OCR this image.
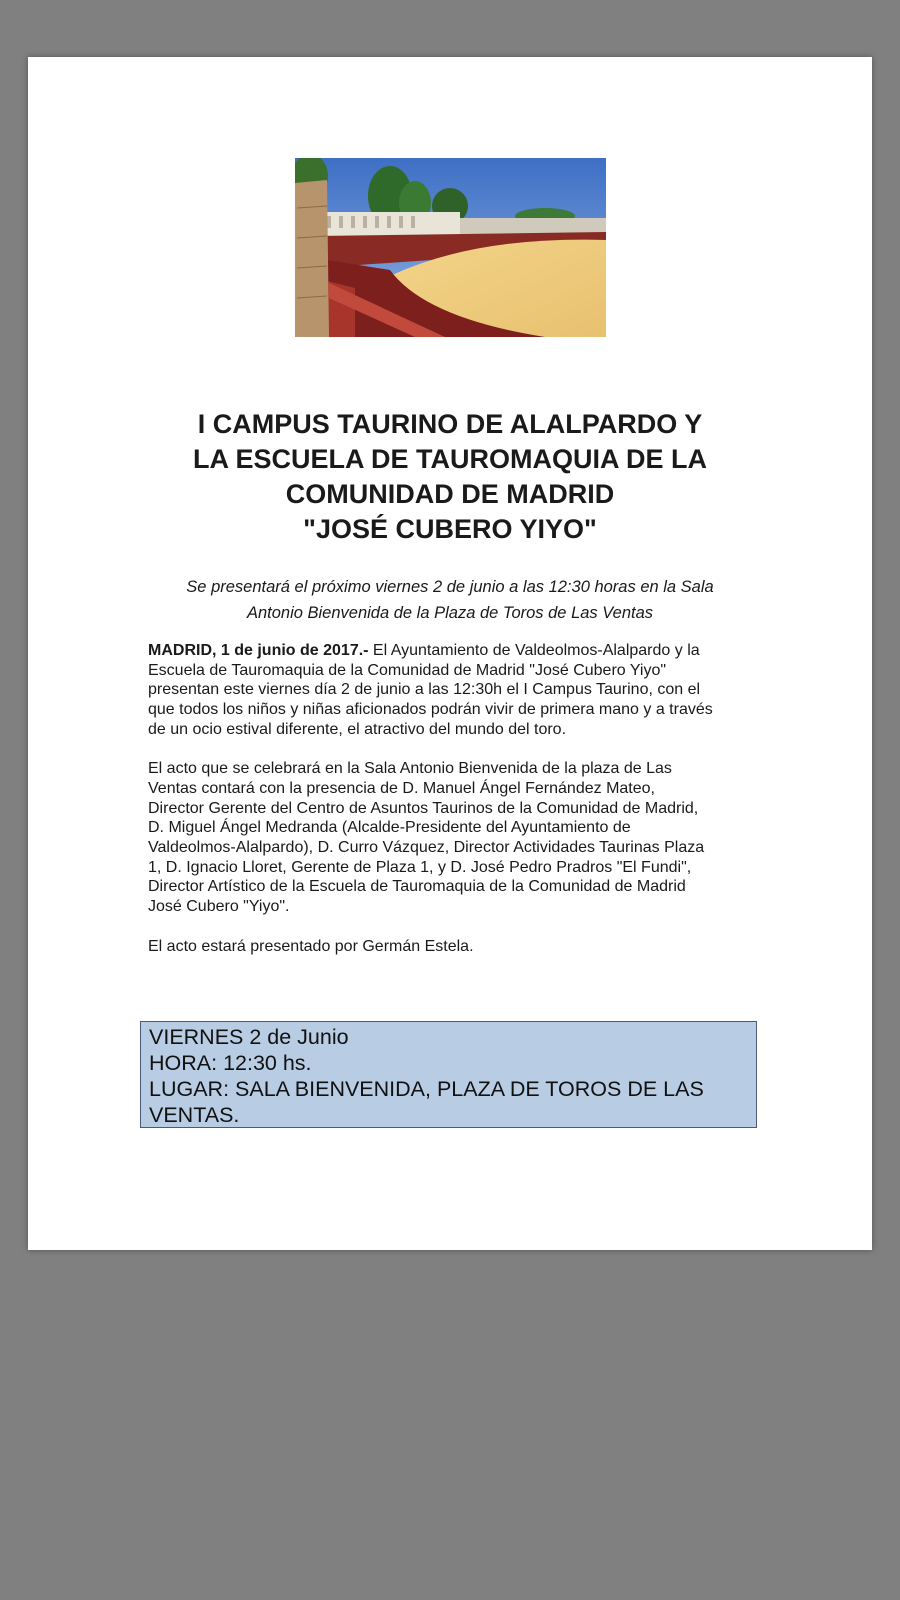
I CAMPUS TAURINO DE ALALPARDO Y
LA ESCUELA DE TAUROMAQUIA DE LA
COMUNIDAD DE MADRID
"JOSÉ CUBERO YIYO"
Se presentará el próximo viernes 2 de junio a las 12:30 horas en la Sala
Antonio Bienvenida de la Plaza de Toros de Las Ventas
MADRID, 1 de junio de 2017.- El Ayuntamiento de Valdeolmos-Alalpardo y la
Escuela de Tauromaquia de la Comunidad de Madrid "José Cubero Yiyo"
presentan este viernes día 2 de junio a las 12:30h el I Campus Taurino, con el
que todos los niños y niñas aficionados podrán vivir de primera mano y a través
de un ocio estival diferente, el atractivo del mundo del toro.
El acto que se celebrará en la Sala Antonio Bienvenida de la plaza de Las
Ventas contará con la presencia de D. Manuel Ángel Fernández Mateo,
Director Gerente del Centro de Asuntos Taurinos de la Comunidad de Madrid,
D. Miguel Ángel Medranda (Alcalde-Presidente del Ayuntamiento de
Valdeolmos-Alalpardo), D. Curro Vázquez, Director Actividades Taurinas Plaza
1, D. Ignacio Lloret, Gerente de Plaza 1, y D. José Pedro Pradros "El Fundi",
Director Artístico de la Escuela de Tauromaquia de la Comunidad de Madrid
José Cubero "Yiyo".
El acto estará presentado por Germán Estela.
VIERNES 2 de Junio
HORA: 12:30 hs.
LUGAR: SALA BIENVENIDA, PLAZA DE TOROS DE LAS
VENTAS.
